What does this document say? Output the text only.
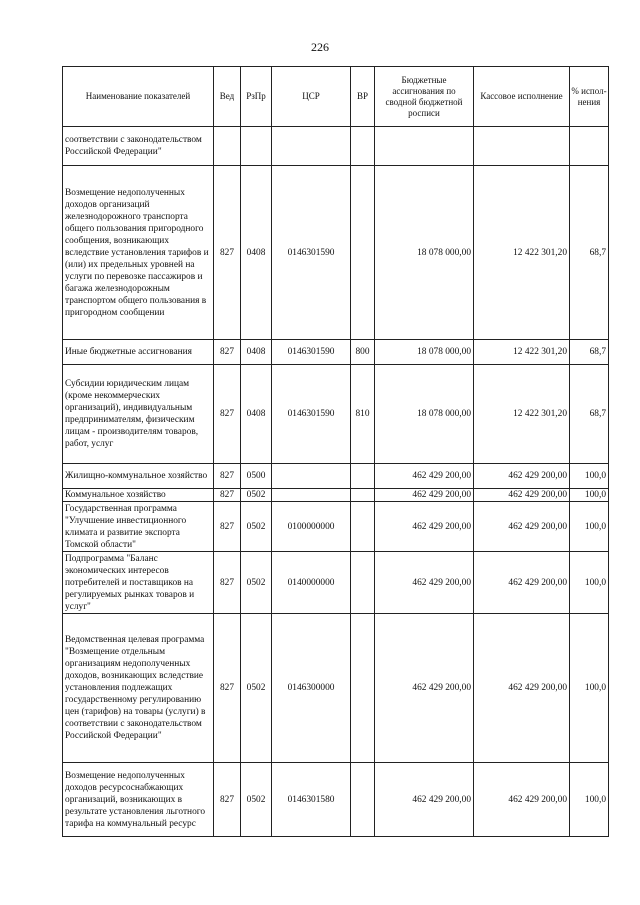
226
Наименование показателей	Вед	РзПр	ЦСР	ВР	Бюджетные ассигнования по сводной бюджетной росписи	Кассовое исполнение	% испол-нения
соответствии с законодательством Российской Федерации"							
Возмещение недополученных доходов организаций железнодорожного транспорта общего пользования пригородного сообщения, возникающих вследствие установления тарифов и (или) их предельных уровней на услуги по перевозке пассажиров и багажа железнодорожным транспортом общего пользования в пригородном сообщении	827	0408	0146301590		18 078 000,00	12 422 301,20	68,7
Иные бюджетные ассигнования	827	0408	0146301590	800	18 078 000,00	12 422 301,20	68,7
Субсидии юридическим лицам (кроме некоммерческих организаций), индивидуальным предпринимателям, физическим лицам - производителям товаров, работ, услуг	827	0408	0146301590	810	18 078 000,00	12 422 301,20	68,7
Жилищно-коммунальное хозяйство	827	0500			462 429 200,00	462 429 200,00	100,0
Коммунальное хозяйство	827	0502			462 429 200,00	462 429 200,00	100,0
Государственная программа "Улучшение инвестиционного климата и развитие экспорта Томской области"	827	0502	0100000000		462 429 200,00	462 429 200,00	100,0
Подпрограмма "Баланс экономических интересов потребителей и поставщиков на регулируемых рынках товаров и услуг"	827	0502	0140000000		462 429 200,00	462 429 200,00	100,0
Ведомственная целевая программа "Возмещение отдельным организациям недополученных доходов, возникающих вследствие установления подлежащих государственному регулированию цен (тарифов) на товары (услуги) в соответствии с законодательством Российской Федерации"	827	0502	0146300000		462 429 200,00	462 429 200,00	100,0
Возмещение недополученных доходов ресурсоснабжающих организаций, возникающих в результате установления льготного тарифа на коммунальный ресурс	827	0502	0146301580		462 429 200,00	462 429 200,00	100,0
